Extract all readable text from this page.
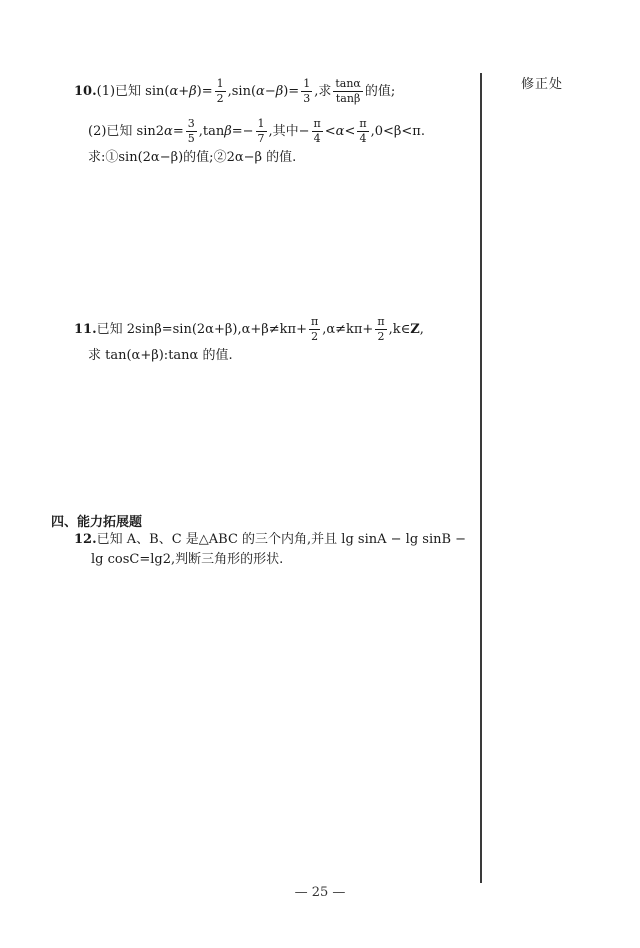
修正处
10. (1)已知 sin( α + β )= $\frac{1}{2} ,\sin$( α − β )= $\frac{1}{3}$ ,求 $\frac{\tan\alpha}{\tan\beta}$ 的值;
(2)已知 sin2 $\alpha = \frac{3}{5} ,\tan$ $\beta =- \frac{1}{7}$ ,其中− $\frac{\pi}{4} <\alpha< \frac{\pi}{4} ,0<\beta<\pi$.
求:①sin(2α−β)的值;②2α−β 的值.
11. 已知 $2\sin\beta=\sin(2\alpha+\beta),\alpha+\beta\ne k\pi+ \frac{\pi}{2} ,\alpha\ne k\pi+ \frac{\pi}{2}$ ,k∈ Z ,
求 tan(α+β):tanα 的值.
四、能力拓展题
12. 已知 A、B、C 是△ABC 的三个内角,并且 lg sinA − lg sinB −
lg cosC=lg2,判断三角形的形状.
— 25 —
